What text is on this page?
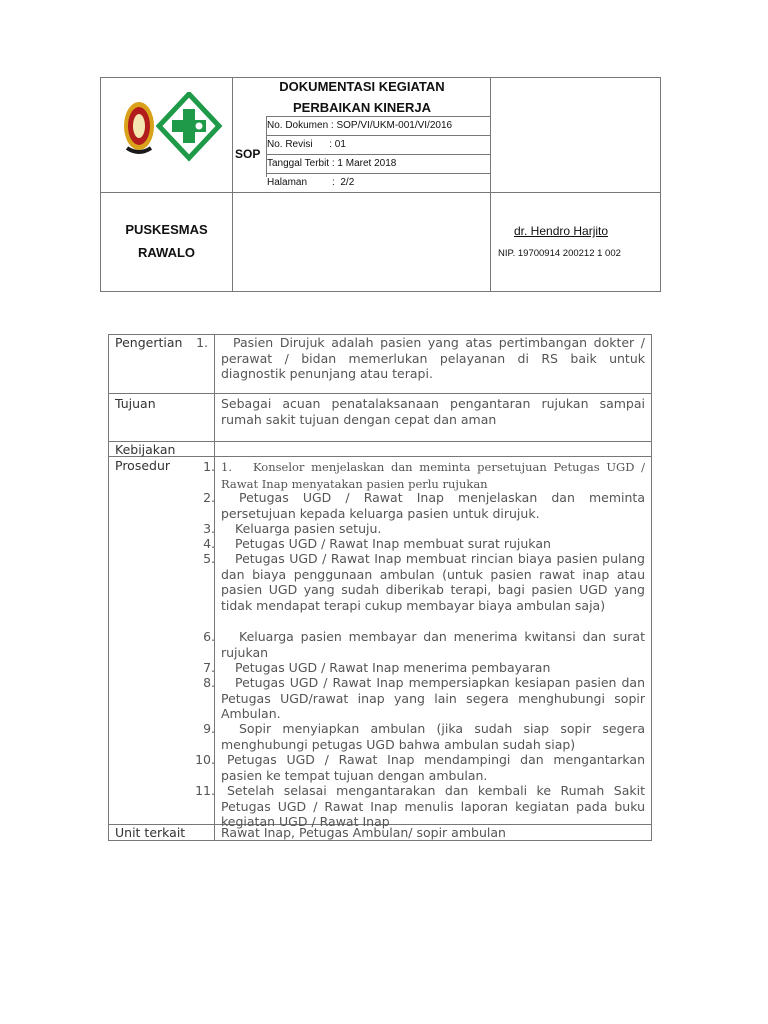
DOKUMENTASI KEGIATAN
PERBAIKAN KINERJA
SOP
No. Dokumen : SOP/VI/UKM-001/VI/2016
No. Revisi      : 01
Tanggal Terbit : 1 Maret 2018
Halaman         :  2/2
PUSKESMAS
RAWALO
dr. Hendro Harjito
NIP. 19700914 200212 1 002
Pengertian	1.	Pasien Dirujuk adalah pasien yang atas pertimbangan dokter / perawat / bidan memerlukan pelayanan di RS baik untuk diagnostik penunjang atau terapi.
Tujuan	Sebagai acuan penatalaksanaan pengantaran rujukan sampai rumah sakit tujuan dengan cepat dan aman
Kebijakan
Prosedur	1. 1. Konselor menjelaskan dan meminta persetujuan Petugas UGD / Rawat Inap menyatakan pasien perlu rujukan
2.	Petugas UGD / Rawat Inap menjelaskan dan meminta persetujuan kepada keluarga pasien untuk dirujuk.
3.	Keluarga pasien setuju.
4.	Petugas UGD / Rawat Inap membuat surat rujukan
5.	Petugas UGD / Rawat Inap membuat rincian biaya pasien pulang dan biaya penggunaan ambulan (untuk pasien rawat inap atau pasien UGD yang sudah diberikab terapi, bagi pasien UGD yang tidak mendapat terapi cukup membayar biaya ambulan saja)
6.	Keluarga pasien membayar dan menerima kwitansi dan surat rujukan
7.	Petugas UGD / Rawat Inap menerima pembayaran
8.	Petugas UGD / Rawat Inap mempersiapkan kesiapan pasien dan Petugas UGD/rawat inap yang lain segera menghubungi sopir Ambulan.
9.	Sopir menyiapkan ambulan (jika sudah siap sopir segera menghubungi petugas UGD bahwa ambulan sudah siap)
10. Petugas UGD / Rawat Inap mendampingi dan mengantarkan pasien ke tempat tujuan dengan ambulan.
11. Setelah selasai mengantarakan dan kembali ke Rumah Sakit Petugas UGD / Rawat Inap menulis laporan kegiatan pada buku kegiatan UGD / Rawat Inap
Unit terkait	Rawat Inap, Petugas Ambulan/ sopir ambulan
